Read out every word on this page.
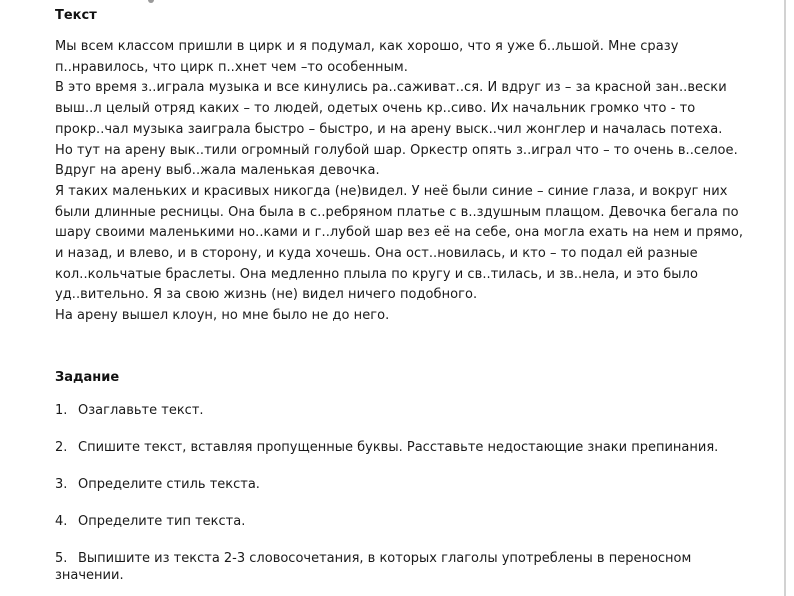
Текст
Мы всем классом пришли в цирк и я подумал, как хорошо, что я уже б..льшой. Мне сразу
п..нравилось, что цирк п..хнет чем –то особенным.
В это время з..играла музыка и все кинулись ра..саживат..ся. И вдруг из – за красной зан..вески
выш..л целый отряд каких – то людей, одетых очень кр..сиво. Их начальник громко что - то
прокр..чал музыка заиграла быстро – быстро, и на арену выск..чил жонглер и началась потеха.
Но тут на арену вык..тили огромный голубой шар. Оркестр опять з..играл что – то очень в..селое.
Вдруг на арену выб..жала маленькая девочка.
Я таких маленьких и красивых никогда (не)видел. У неё были синие – синие глаза, и вокруг них
были длинные ресницы. Она была в с..ребряном платье с в..здушным плащом. Девочка бегала по
шару своими маленькими но..ками и г..лубой шар вез её на себе, она могла ехать на нем и прямо,
и назад, и влево, и в сторону, и куда хочешь. Она ост..новилась, и кто – то подал ей разные
кол..кольчатые браслеты. Она медленно плыла по кругу и св..тилась, и зв..нела, и это было
уд..вительно. Я за свою жизнь (не) видел ничего подобного.
На арену вышел клоун, но мне было не до него.
Задание
1. Озаглавьте текст.
2. Спишите текст, вставляя пропущенные буквы. Расставьте недостающие знаки препинания.
3. Определите стиль текста.
4. Определите тип текста.
5. Выпишите из текста 2-3 словосочетания, в которых глаголы употреблены в переносном
значении.
